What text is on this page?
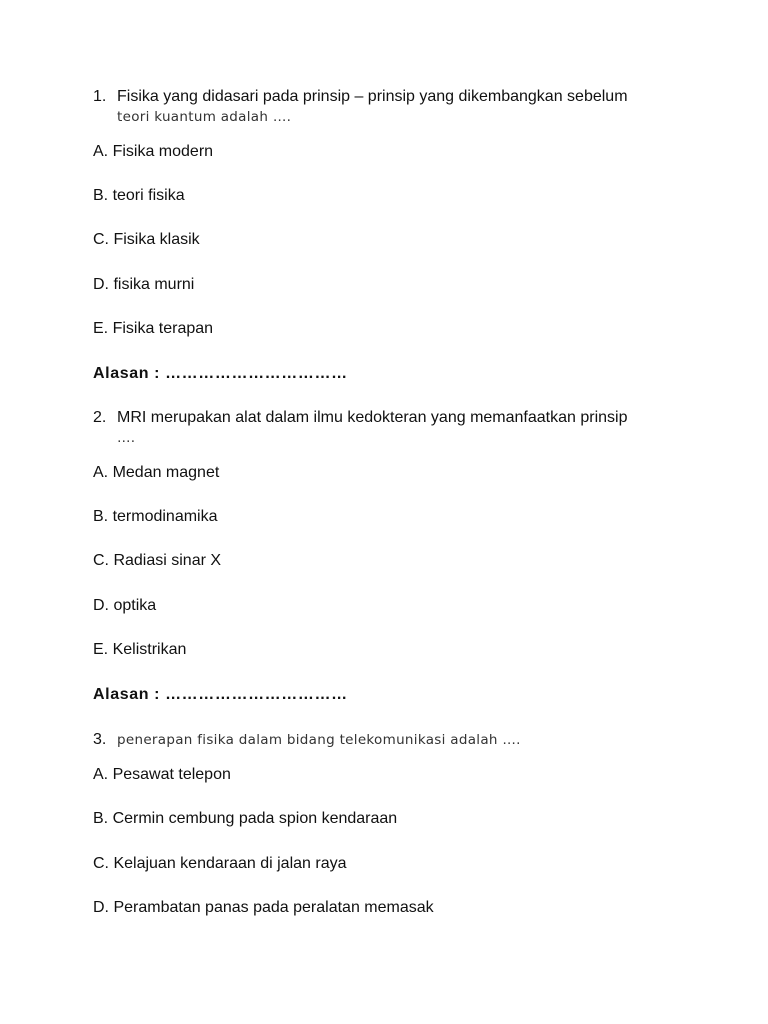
1. Fisika yang didasari pada prinsip – prinsip yang dikembangkan sebelum
teori kuantum adalah ….
A. Fisika modern
B. teori fisika
C. Fisika klasik
D. fisika murni
E. Fisika terapan
Alasan : ……………………………
2. MRI merupakan alat dalam ilmu kedokteran yang memanfaatkan prinsip
….
A. Medan magnet
B. termodinamika
C. Radiasi sinar X
D. optika
E. Kelistrikan
Alasan : ……………………………
3. penerapan fisika dalam bidang telekomunikasi adalah ….
A. Pesawat telepon
B. Cermin cembung pada spion kendaraan
C. Kelajuan kendaraan di jalan raya
D. Perambatan panas pada peralatan memasak
